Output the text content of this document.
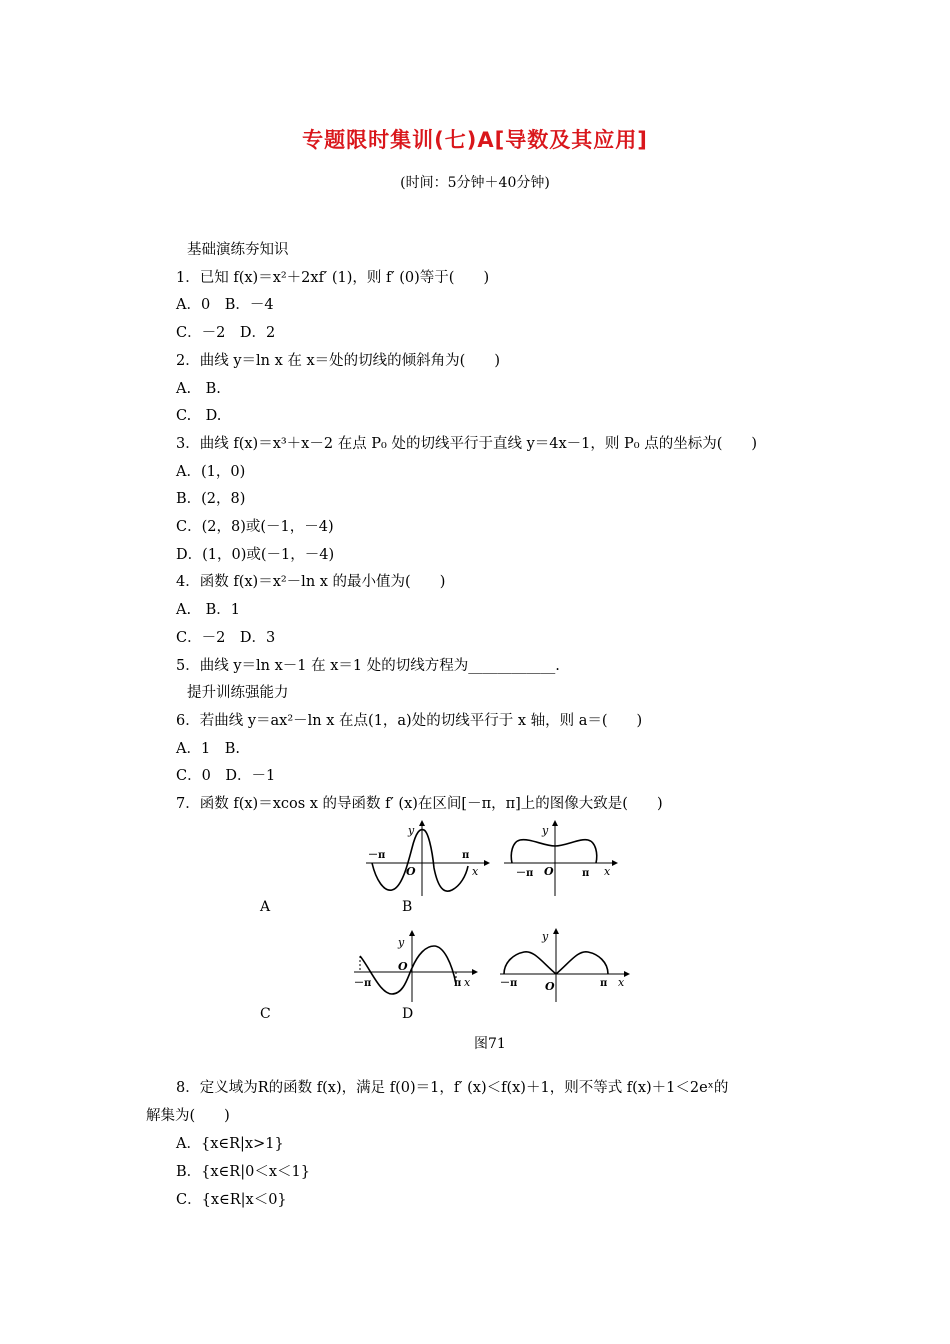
专题限时集训(七)A[导数及其应用]
(时间：5分钟＋40分钟)
基础演练夯知识
1．已知 f(x)＝x²＋2xf′ (1)，则 f′ (0)等于(　　)
A．0　B．－4
C．－2　D．2
2．曲线 y＝ln x 在 x＝处的切线的倾斜角为(　　)
A.　B.
C.　D.
3．曲线 f(x)＝x³＋x－2 在点 P₀ 处的切线平行于直线 y＝4x－1，则 P₀ 点的坐标为(　　)
A．(1，0)
B．(2，8)
C．(2，8)或(－1，－4)
D．(1，0)或(－1，－4)
4．函数 f(x)＝x²－ln x 的最小值为(　　)
A.　B．1
C．－2　D．3
5．曲线 y＝ln x－1 在 x＝1 处的切线方程为____________.
提升训练强能力
6．若曲线 y＝ax²－ln x 在点(1，a)处的切线平行于 x 轴，则 a＝(　　)
A．1　B.
C．0　D．－1
7．函数 f(x)＝xcos x 的导函数 f′ (x)在区间[－π，π]上的图像大致是(　　)
－π	π
O	x
y
－π	π
O	x
y
A	B
－π	π
O
x
y
－π	π
O	x
y
C	D
图71
8．定义域为R的函数 f(x)，满足 f(0)＝1，f′ (x)＜f(x)＋1，则不等式 f(x)＋1＜2eˣ的
解集为(　　)
A．{x∈R|x>1}
B．{x∈R|0＜x＜1}
C．{x∈R|x＜0}
